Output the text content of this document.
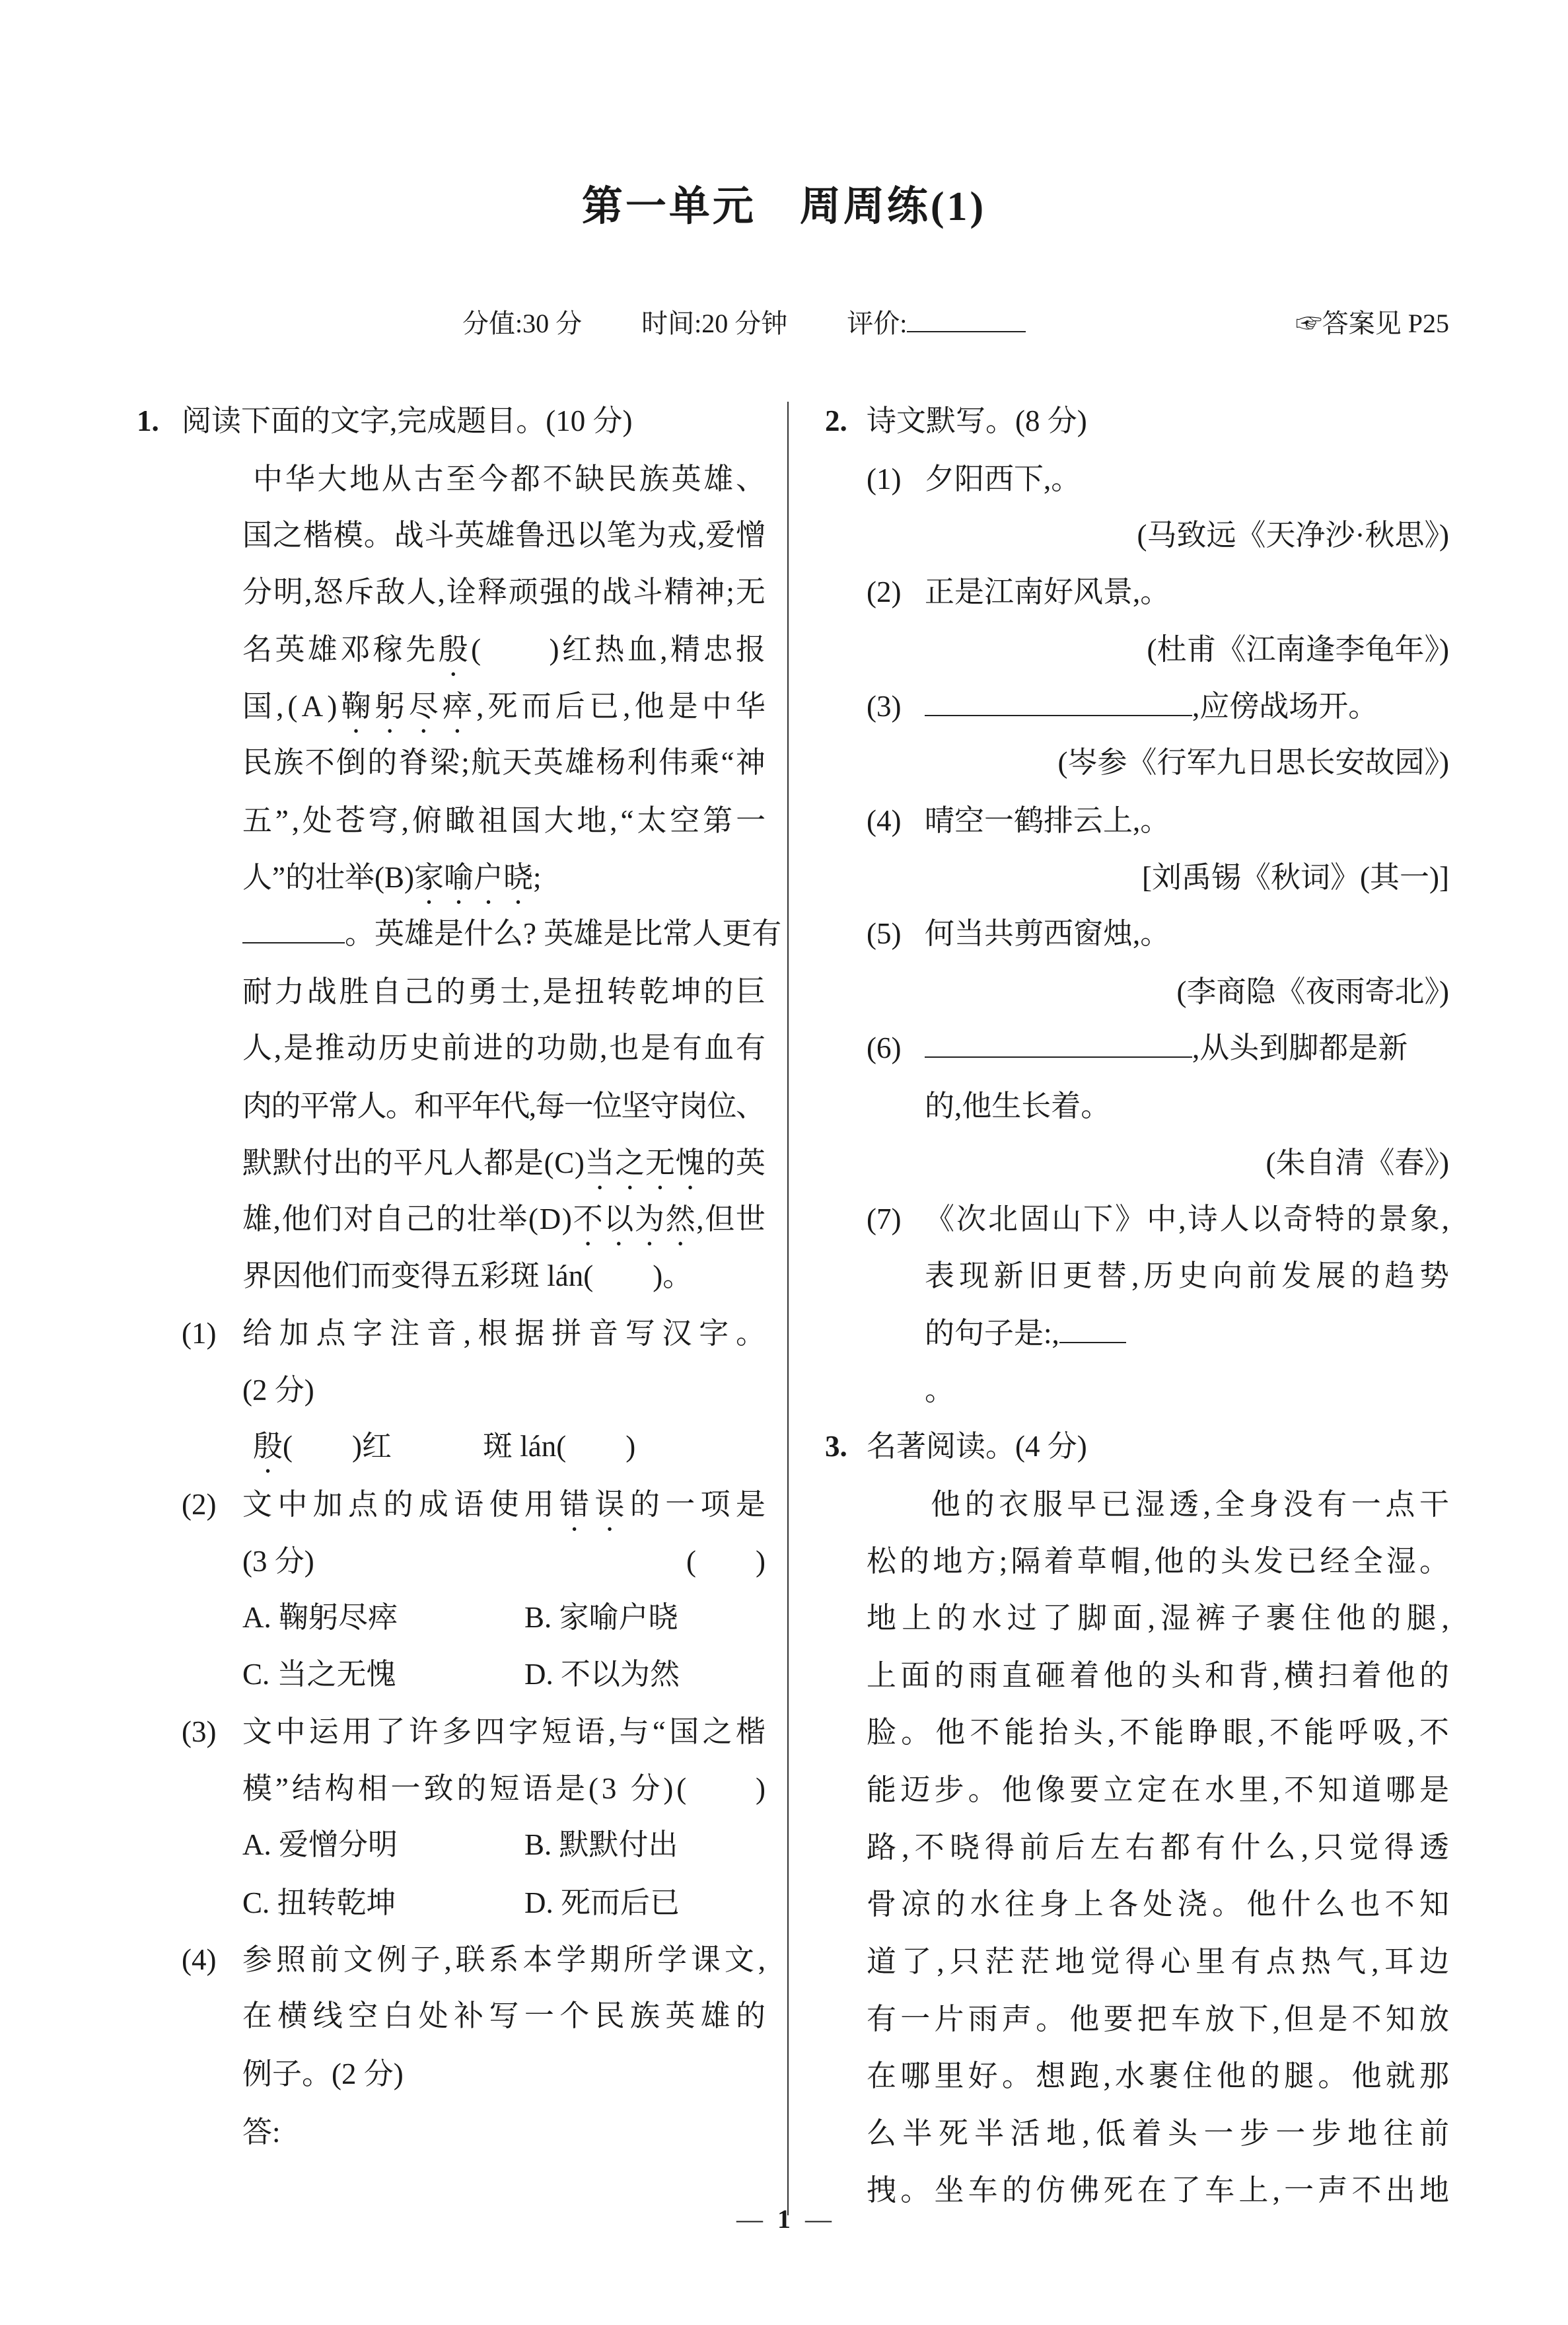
第一单元　周周练(1)
分值:30 分 时间:20 分钟 评价:	☞答案见 P25
1. 阅读下面的文字,完成题目。(10 分)
中华大地从古至今都不缺民族英雄、
国之楷模。战斗英雄鲁迅以笔为戎,爱憎
分明,怒斥敌人,诠释顽强的战斗精神;无
名英雄邓稼先殷(　　)红热血,精忠报
国,(A)鞠躬尽瘁,死而后已,他是中华
民族不倒的脊梁;航天英雄杨利伟乘“神
五”,处苍穹,俯瞰祖国大地,“太空第一
人”的壮举(B) 家喻户晓 ;
。英雄是什么? 英雄是比常人更有
耐力战胜自己的勇士,是扭转乾坤的巨
人,是推动历史前进的功勋,也是有血有
肉的平常人。和平年代,每一位坚守岗位、
默默付出的平凡人都是(C)当之无愧的英
雄,他们对自己的壮举(D)不以为然,但世
界因他们而变得五彩斑 lán(　　)。
(1) 给加点字注音,根据拼音写汉字。
(2 分)
殷(　　)红	斑 lán(　　)
(2) 文中加点的成语使用错误的一项是
(3 分)	(　　)
A. 鞠躬尽瘁	B. 家喻户晓
C. 当之无愧	D. 不以为然
(3) 文中运用了许多四字短语,与“国之楷
模”结构相一致的短语是(3 分)(　　)
A. 爱憎分明	B. 默默付出
C. 扭转乾坤	D. 死而后已
(4) 参照前文例子,联系本学期所学课文,
在横线空白处补写一个民族英雄的
例子。(2 分)
答:
2. 诗文默写。(8 分)
(1) 夕阳西下, 。
(马致远《天净沙·秋思》)
(2) 正是江南好风景, 。
(杜甫《江南逢李龟年》)
(3)	,应傍战场开。
(岑参《行军九日思长安故园》)
(4) 晴空一鹤排云上, 。
[刘禹锡《秋词》(其一)]
(5) 何当共剪西窗烛, 。
(李商隐《夜雨寄北》)
(6)	,从头到脚都是新
的,他生长着。
(朱自清《春》)
(7) 《次北固山下》中,诗人以奇特的景象,
表现新旧更替,历史向前发展的趋势
的句子是: ,
。
3. 名著阅读。(4 分)
他的衣服早已湿透,全身没有一点干
松的地方;隔着草帽,他的头发已经全湿。
地上的水过了脚面,湿裤子裹住他的腿,
上面的雨直砸着他的头和背,横扫着他的
脸。他不能抬头,不能睁眼,不能呼吸,不
能迈步。他像要立定在水里,不知道哪是
路,不晓得前后左右都有什么,只觉得透
骨凉的水往身上各处浇。他什么也不知
道了,只茫茫地觉得心里有点热气,耳边
有一片雨声。他要把车放下,但是不知放
在哪里好。想跑,水裹住他的腿。他就那
么半死半活地,低着头一步一步地往前
拽。坐车的仿佛死在了车上,一声不出地
— 1 —
